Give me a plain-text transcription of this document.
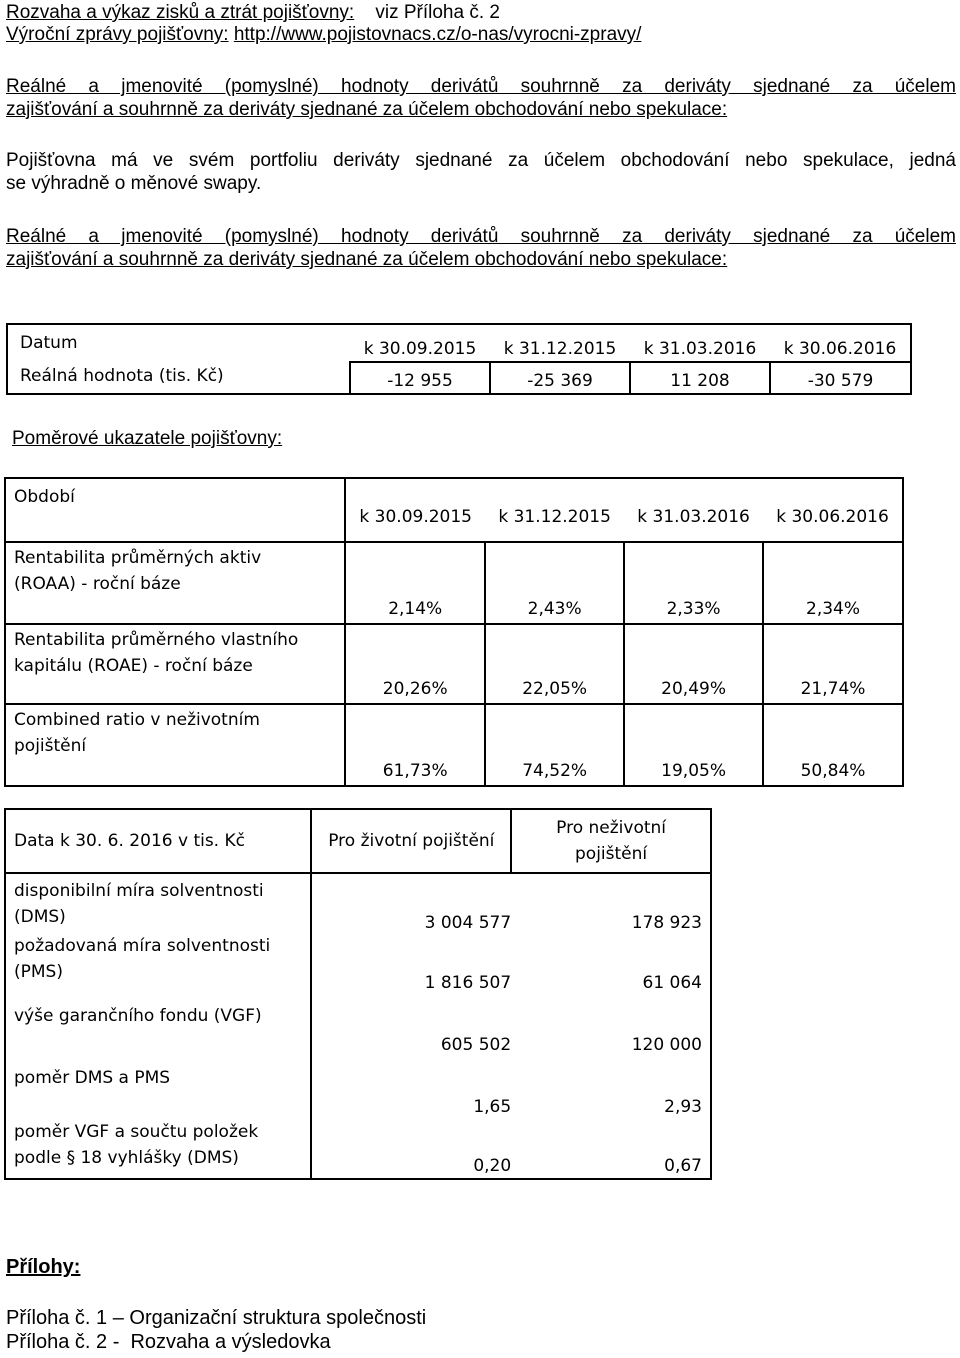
Rozvaha a výkaz zisků a ztrát pojišťovny: viz Příloha č. 2
Výroční zprávy pojišťovny: http://www.pojistovnacs.cz/o-nas/vyrocni-zpravy/
Reálné a jmenovité (pomyslné) hodnoty derivátů souhrnně za deriváty sjednané za účelem
zajišťování a souhrnně za deriváty sjednané za účelem obchodování nebo spekulace:
Pojišťovna má ve svém portfoliu deriváty sjednané za účelem obchodování nebo spekulace, jedná
se výhradně o měnové swapy.
Reálné a jmenovité (pomyslné) hodnoty derivátů souhrnně za deriváty sjednané za účelem
zajišťování a souhrnně za deriváty sjednané za účelem obchodování nebo spekulace:
Datum	k 30.09.2015	k 31.12.2015	k 31.03.2016	k 30.06.2016
Reálná hodnota (tis. Kč)	-12 955	-25 369	11 208	-30 579
Poměrové ukazatele pojišťovny:
Období	k 30.09.2015	k 31.12.2015	k 31.03.2016	k 30.06.2016

Rentabilita průměrných aktiv
(ROAA) - roční báze	2,14%	2,43%	2,33%	2,34%

Rentabilita průměrného vlastního
kapitálu (ROAE) - roční báze	20,26%	22,05%	20,49%	21,74%

Combined ratio v neživotním
pojištění	61,73%	74,52%	19,05%	50,84%
Data k 30. 6. 2016 v tis. Kč	Pro životní pojištění	Pro neživotní
pojištění

disponibilní míra solventnosti
(DMS)	3 004 577	178 923

požadovaná míra solventnosti
(PMS)	1 816 507	61 064

výše garančního fondu (VGF)	605 502	120 000

poměr DMS a PMS	1,65	2,93

poměr VGF a součtu položek
podle § 18 vyhlášky (DMS)	0,20	0,67
Přílohy:
Příloha č. 1 – Organizační struktura společnosti
Příloha č. 2 -  Rozvaha a výsledovka
